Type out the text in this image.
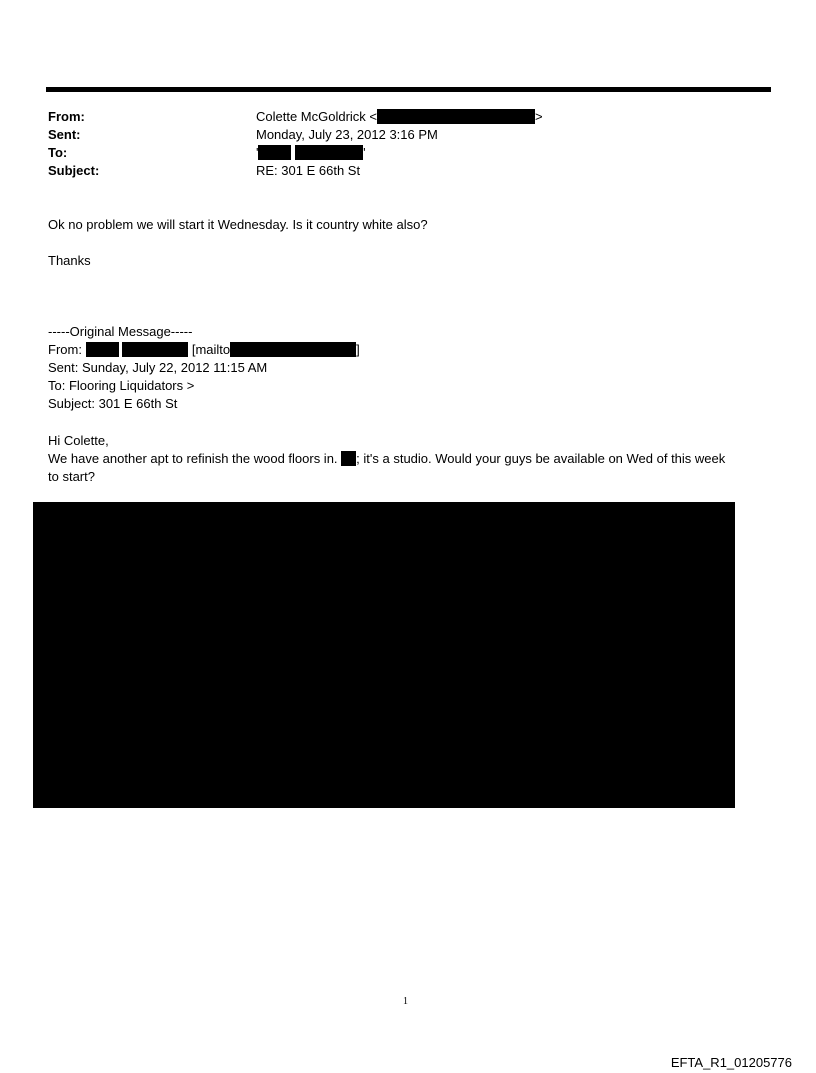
From:	Colette McGoldrick <	>
Sent:	Monday, July 23, 2012 3:16 PM
To:	'	'
Subject:	RE: 301 E 66th St
Ok no problem we will start it Wednesday. Is it country white also?
Thanks
-----Original Message-----
From:	[mailto	]
Sent: Sunday, July 22, 2012 11:15 AM
To: Flooring Liquidators >
Subject: 301 E 66th St
Hi Colette,
We have another apt to refinish the wood floors in. ; it's a studio. Would your guys be available on Wed of this week
to start?
1
EFTA_R1_01205776
